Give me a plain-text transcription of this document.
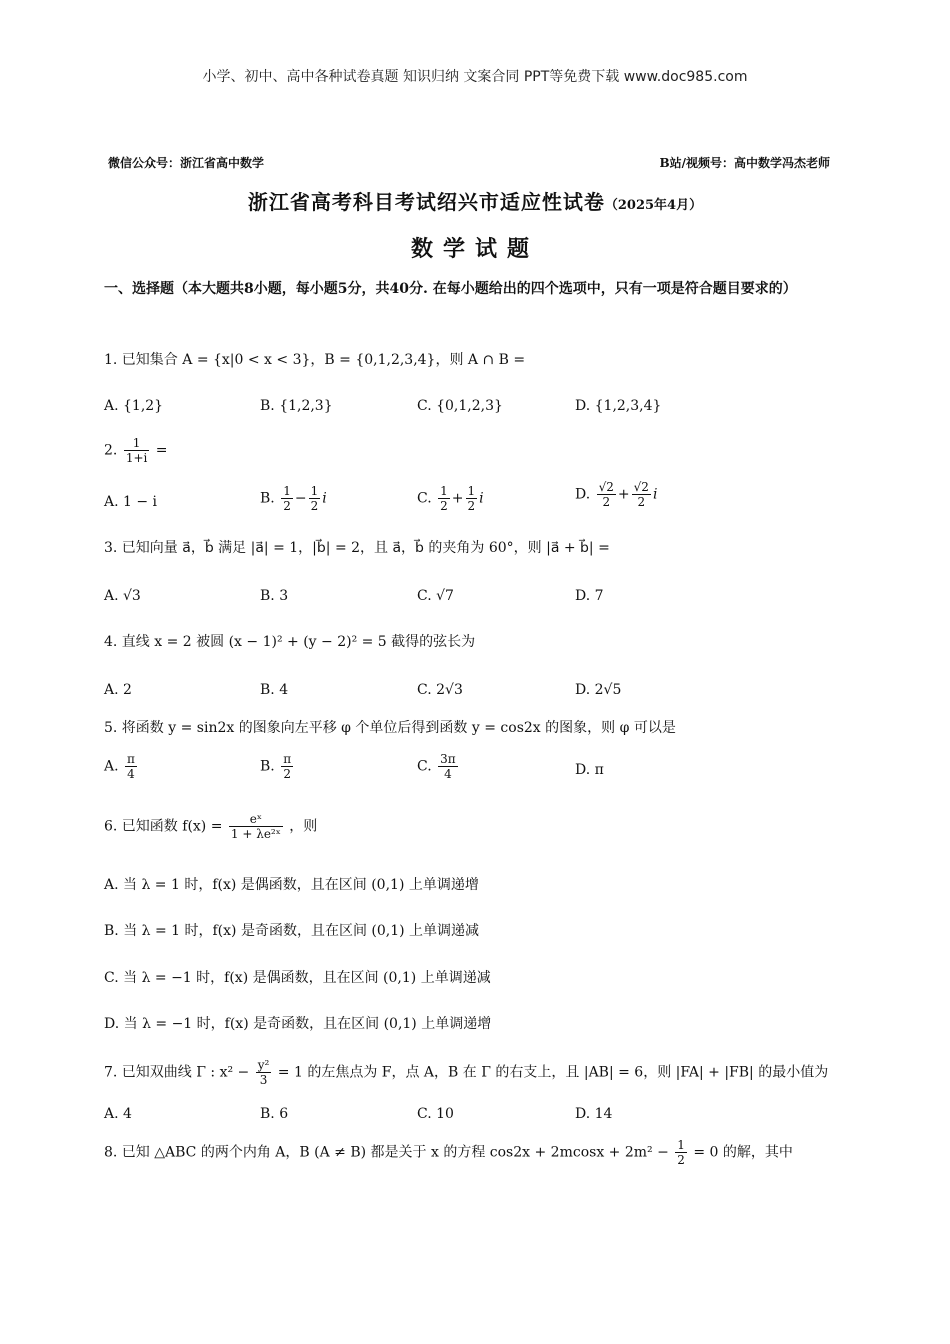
小学、初中、高中各种试卷真题 知识归纳 文案合同 PPT等免费下载 www.doc985.com
微信公众号：浙江省高中数学	B站/视频号：高中数学冯杰老师
浙江省高考科目考试绍兴市适应性试卷（2025年4月）
数学试题
一、选择题（本大题共8小题，每小题5分，共40分. 在每小题给出的四个选项中，只有一项是符合题目要求的）
1. 已知集合 A = {x|0 < x < 3}，B = {0,1,2,3,4}，则 A ∩ B =
A. {1,2}	B. {1,2,3}	C. {0,1,2,3}	D. {1,2,3,4}
2. $\frac{1}{1+i}$ =
A. 1 − i	B. $\frac{1}{2} - \frac{1}{2}$ i	C. $\frac{1}{2} + \frac{1}{2}$ i	D. $\frac{√2}{2} + \frac{√2}{2}$ i
3. 已知向量 a⃗，b⃗ 满足 |a⃗| = 1，|b⃗| = 2，且 a⃗，b⃗ 的夹角为 60°，则 |a⃗ + b⃗| =
A. √3	B. 3	C. √7	D. 7
4. 直线 x = 2 被圆 (x − 1)² + (y − 2)² = 5 截得的弦长为
A. 2	B. 4	C. 2√3	D. 2√5
5. 将函数 y = sin2x 的图象向左平移 φ 个单位后得到函数 y = cos2x 的图象，则 φ 可以是
A. $\frac{\pi}{4}$	B. $\frac{\pi}{2}$	C. $\frac{3\pi}{4}$	D. π
6. 已知函数 $f(x) = \frac{\text{eˣ}}{\text{1 + λe²ˣ}}$ ，则
A. 当 λ = 1 时，f(x) 是偶函数，且在区间 (0,1) 上单调递增
B. 当 λ = 1 时，f(x) 是奇函数，且在区间 (0,1) 上单调递减
C. 当 λ = −1 时，f(x) 是偶函数，且在区间 (0,1) 上单调递减
D. 当 λ = −1 时，f(x) 是奇函数，且在区间 (0,1) 上单调递增
7. 已知双曲线 Γ : $x^2 - \frac{\text{y²}}{3} = 1$ 的左焦点为 F，点 A，B 在 Γ 的右支上，且 |AB| = 6，则 |FA| + |FB| 的最小值为
A. 4	B. 6	C. 10	D. 14
8. 已知 △ABC 的两个内角 A，B (A ≠ B) 都是关于 x 的方程 $\cos 2x + 2mcosx + 2m^2 - \frac{1}{2} = 0$ 的解，其中
